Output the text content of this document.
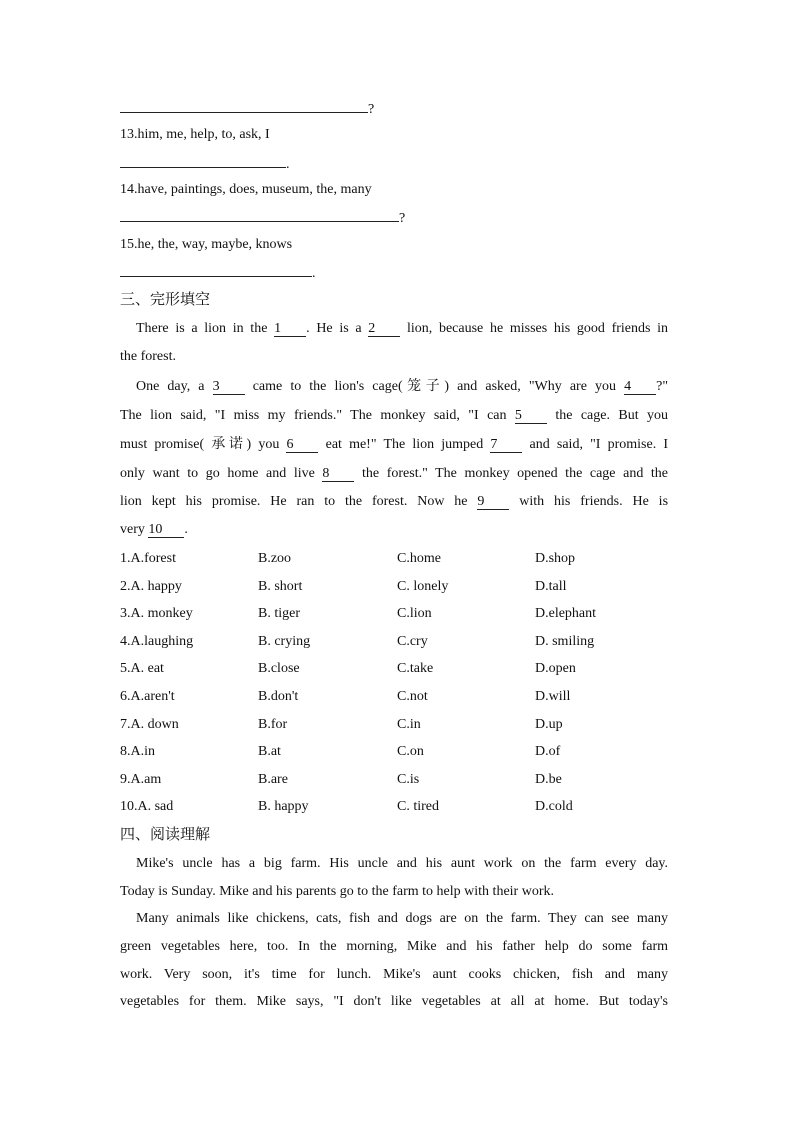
?
13.him, me, help, to, ask, I
.
14.have, paintings, does, museum, the, many
?
15.he, the, way, maybe, knows
.
三、完形填空
There is a lion in the 1 . He is a 2 lion, because he misses his good friends in
the forest.
One day, a 3 came to the lion's cage(笼子) and asked, "Why are you 4 ?"
The lion said, "I miss my friends." The monkey said, "I can 5 the cage. But you
must promise( 承诺) you 6 eat me!" The lion jumped 7 and said, "I promise. I
only want to go home and live 8 the forest." The monkey opened the cage and the
lion kept his promise. He ran to the forest. Now he 9 with his friends. He is
very 10 .
1.A.forest	B.zoo	C.home	D.shop
2.A. happy	B. short	C. lonely	D.tall
3.A. monkey	B. tiger	C.lion	D.elephant
4.A.laughing	B. crying	C.cry	D. smiling
5.A. eat	B.close	C.take	D.open
6.A.aren't	B.don't	C.not	D.will
7.A. down	B.for	C.in	D.up
8.A.in	B.at	C.on	D.of
9.A.am	B.are	C.is	D.be
10.A. sad	B. happy	C. tired	D.cold
四、阅读理解
Mike's uncle has a big farm. His uncle and his aunt work on the farm every day.
Today is Sunday. Mike and his parents go to the farm to help with their work.
Many animals like chickens, cats, fish and dogs are on the farm. They can see many
green vegetables here, too. In the morning, Mike and his father help do some farm
work. Very soon, it's time for lunch. Mike's aunt cooks chicken, fish and many
vegetables for them. Mike says, "I don't like vegetables at all at home. But today's
